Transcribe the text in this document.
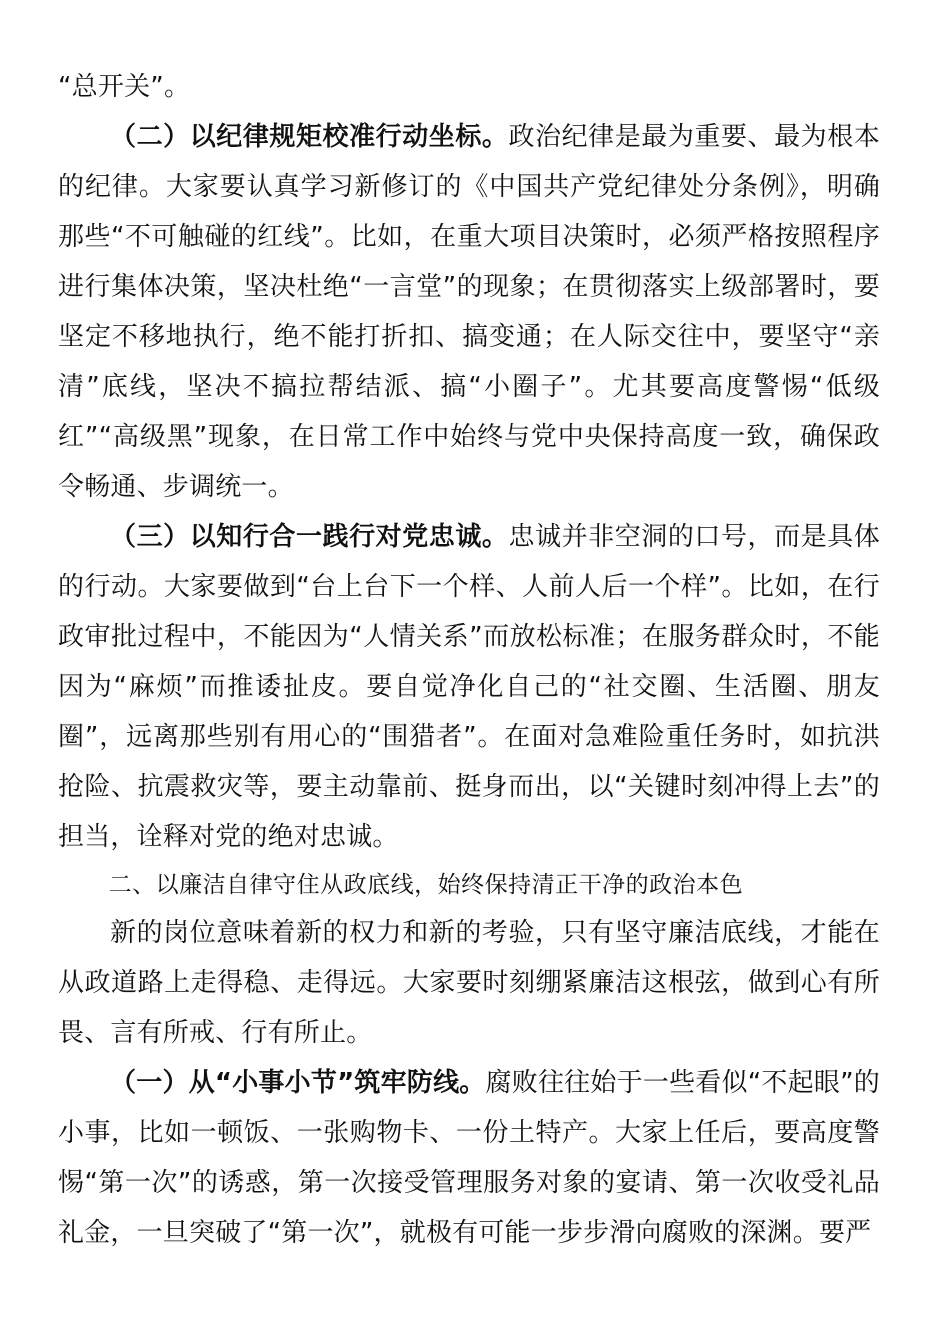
“总开关”。

（二）以纪律规矩校准行动坐标。政治纪律是最为重要、最为根本的纪律。大家要认真学习新修订的《中国共产党纪律处分条例》，明确那些“不可触碰的红线”。比如，在重大项目决策时，必须严格按照程序进行集体决策，坚决杜绝“一言堂”的现象；在贯彻落实上级部署时，要坚定不移地执行，绝不能打折扣、搞变通；在人际交往中，要坚守“亲清”底线，坚决不搞拉帮结派、搞“小圈子”。尤其要高度警惕“低级红”“高级黑”现象，在日常工作中始终与党中央保持高度一致，确保政令畅通、步调统一。

（三）以知行合一践行对党忠诚。忠诚并非空洞的口号，而是具体的行动。大家要做到“台上台下一个样、人前人后一个样”。比如，在行政审批过程中，不能因为“人情关系”而放松标准；在服务群众时，不能因为“麻烦”而推诿扯皮。要自觉净化自己的“社交圈、生活圈、朋友圈”，远离那些别有用心的“围猎者”。在面对急难险重任务时，如抗洪抢险、抗震救灾等，要主动靠前、挺身而出，以“关键时刻冲得上去”的担当，诠释对党的绝对忠诚。

二、以廉洁自律守住从政底线，始终保持清正干净的政治本色

新的岗位意味着新的权力和新的考验，只有坚守廉洁底线，才能在从政道路上走得稳、走得远。大家要时刻绷紧廉洁这根弦，做到心有所畏、言有所戒、行有所止。

（一）从“小事小节”筑牢防线。腐败往往始于一些看似“不起眼”的小事，比如一顿饭、一张购物卡、一份土特产。大家上任后，要高度警惕“第一次”的诱惑，第一次接受管理服务对象的宴请、第一次收受礼品礼金，一旦突破了“第一次”，就极有可能一步步滑向腐败的深渊。要严
